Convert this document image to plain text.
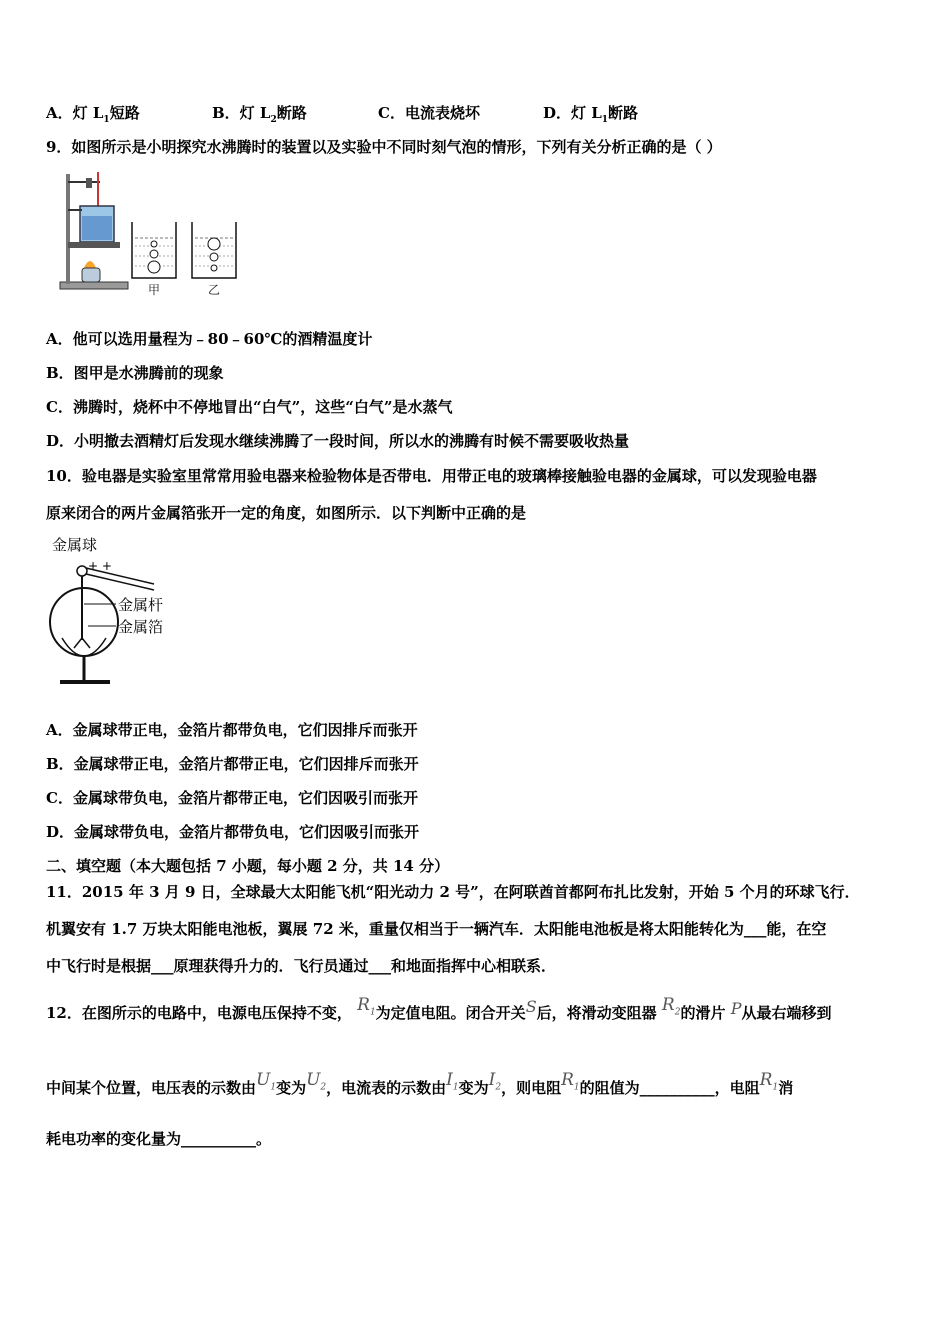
A．灯 $L_1$短路	B．灯 $L_2$断路	C．电流表烧坏	D．灯 $L_1$断路
9．如图所示是小明探究水沸腾时的装置以及实验中不同时刻气泡的情形，下列有关分析正确的是（ ）
甲	乙
A．他可以选用量程为﹣80﹣60℃的酒精温度计
B．图甲是水沸腾前的现象
C．沸腾时，烧杯中不停地冒出“白气”，这些“白气”是水蒸气
D．小明撤去酒精灯后发现水继续沸腾了一段时间，所以水的沸腾有时候不需要吸收热量
10．验电器是实验室里常常用验电器来检验物体是否带电．用带正电的玻璃棒接触验电器的金属球，可以发现验电器
原来闭合的两片金属箔张开一定的角度，如图所示．以下判断中正确的是
金属球
+ +
金属杆
金属箔
A．金属球带正电，金箔片都带负电，它们因排斥而张开
B．金属球带正电，金箔片都带正电，它们因排斥而张开
C．金属球带负电，金箔片都带正电，它们因吸引而张开
D．金属球带负电，金箔片都带负电，它们因吸引而张开
二、填空题（本大题包括 7 小题，每小题 2 分，共 14 分）
11．2015 年 3 月 9 日，全球最大太阳能飞机“阳光动力 2 号”，在阿联酋首都阿布扎比发射，开始 5 个月的环球飞行．
机翼安有 1.7 万块太阳能电池板，翼展 72 米，重量仅相当于一辆汽车．太阳能电池板是将太阳能转化为___能，在空
中飞行时是根据___原理获得升力的．飞行员通过___和地面指挥中心相联系．
12．在图所示的电路中，电源电压保持不变， $R_1$为定值电阻。闭合开关S后，将滑动变阻器 $R_2$的滑片 P从最右端移到
中间某个位置，电压表的示数由$U_1$变为$U_2$，电流表的示数由$I_1$变为$I_2$，则电阻$R_1$的阻值为__________，电阻$R_1$消
耗电功率的变化量为__________。
